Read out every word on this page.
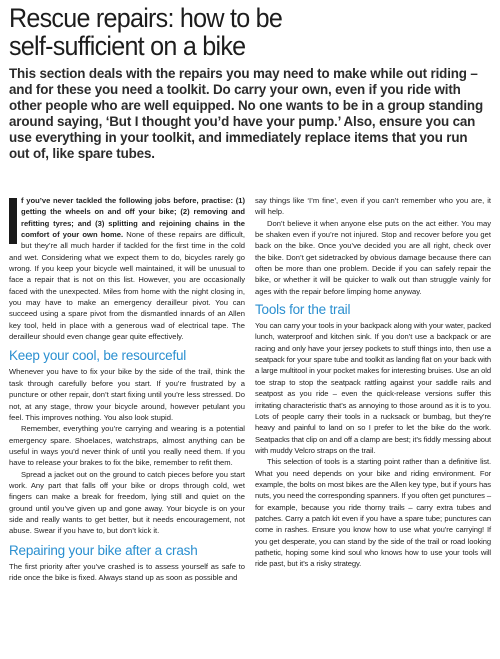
Rescue repairs: how to be
self-sufficient on a bike

This section deals with the repairs you may need to make while out riding – and for these you need a toolkit. Do carry your own, even if you ride with other people who are well equipped. No one wants to be in a group standing around saying, ‘But I thought you’d have your pump.’ Also, ensure you can use everything in your toolkit, and immediately replace items that you run out of, like spare tubes.

f you’ve never tackled the following jobs before, practise: (1) getting the wheels on and off your bike; (2) removing and refitting tyres; and (3) splitting and rejoining chains in the comfort of your own home. None of these repairs are difficult, but they’re all much harder if tackled for the first time in the cold and wet. Considering what we expect them to do, bicycles rarely go wrong. If you keep your bicycle well maintained, it will be unusual to face a repair that is not on this list. However, you are occasionally faced with the unexpected. Miles from home with the night closing in, you may have to make an emergency derailleur pivot. You can succeed using a spare pivot from the dismantled innards of an Allen key tool, held in place with a generous wad of electrical tape. The derailleur should even change gear quite effectively.

Keep your cool, be resourceful

Whenever you have to fix your bike by the side of the trail, think the task through carefully before you start. If you’re frustrated by a puncture or other repair, don’t start fixing until you’re less stressed. Do not, at any stage, throw your bicycle around, however petulant you feel. This improves nothing. You also look stupid.

Remember, everything you’re carrying and wearing is a potential emergency spare. Shoelaces, watchstraps, almost anything can be useful in ways you’d never think of until you really need them. If you have to release your brakes to fix the bike, remember to refit them.

Spread a jacket out on the ground to catch pieces before you start work. Any part that falls off your bike or drops through cold, wet fingers can make a break for freedom, lying still and quiet on the ground until you’ve given up and gone away. Your bicycle is on your side and really wants to get better, but it needs encouragement, not abuse. Swear if you have to, but don’t kick it.

Repairing your bike after a crash

The first priority after you’ve crashed is to assess yourself as safe to ride once the bike is fixed. Always stand up as soon as possible and

say things like ‘I’m fine’, even if you can’t remember who you are, it will help.

Don’t believe it when anyone else puts on the act either. You may be shaken even if you’re not injured. Stop and recover before you get back on the bike. Once you’ve decided you are all right, check over the bike. Don’t get sidetracked by obvious damage because there can often be more than one problem. Decide if you can safely repair the bike, or whether it will be quicker to walk out than struggle vainly for ages with the repair before limping home anyway.

Tools for the trail

You can carry your tools in your backpack along with your water, packed lunch, waterproof and kitchen sink. If you don’t use a backpack or are racing and only have your jersey pockets to stuff things into, then use a seatpack for your spare tube and toolkit as landing flat on your back with a large multitool in your pocket makes for interesting bruises. Use an old toe strap to stop the seatpack rattling against your saddle rails and seatpost as you ride – even the quick-release versions suffer this irritating characteristic that’s as annoying to those around as it is to you. Lots of people carry their tools in a rucksack or bumbag, but they’re heavy and painful to land on so I prefer to let the bike do the work. Seatpacks that clip on and off a clamp are best; it’s fiddly messing about with muddy Velcro straps on the trail.

This selection of tools is a starting point rather than a definitive list. What you need depends on your bike and riding environment. For example, the bolts on most bikes are the Allen key type, but if yours has nuts, you need the corresponding spanners. If you often get punctures – for example, because you ride thorny trails – carry extra tubes and patches. Carry a patch kit even if you have a spare tube; punctures can come in rashes. Ensure you know how to use what you’re carrying! If you get desperate, you can stand by the side of the trail or road looking pathetic, hoping some kind soul who knows how to use your tools will ride past, but it’s a risky strategy.
